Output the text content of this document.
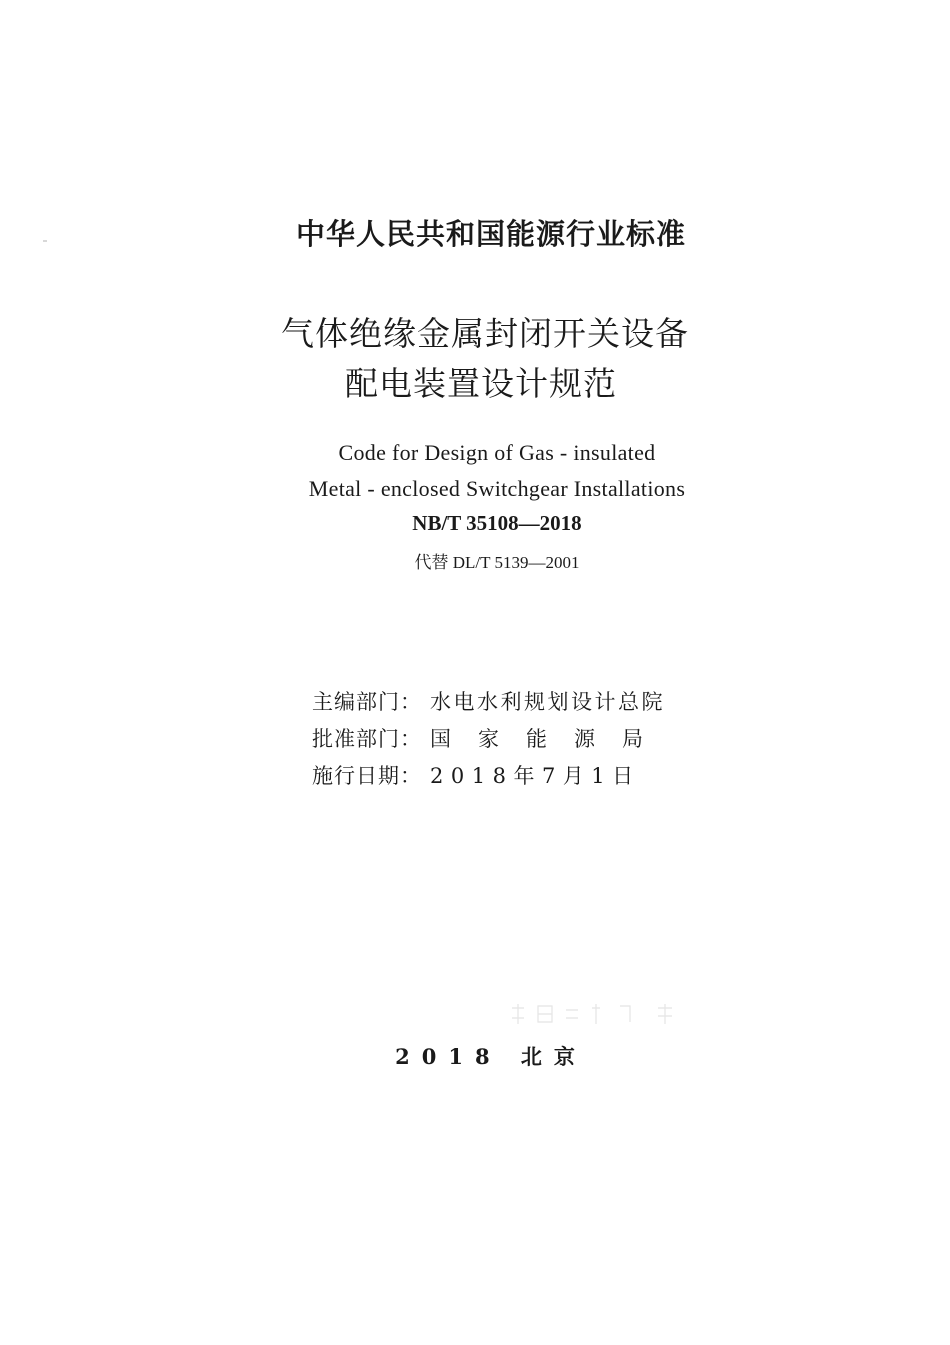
中华人民共和国能源行业标准
气体绝缘金属封闭开关设备
配电装置设计规范
Code for Design of Gas - insulated
Metal - enclosed Switchgear Installations
NB/T 35108—2018
代替 DL/T 5139—2001
主编部门： 水电水利规划设计总院
批准部门： 国家能源局
施行日期： 2018年7月1日
2018 北京
